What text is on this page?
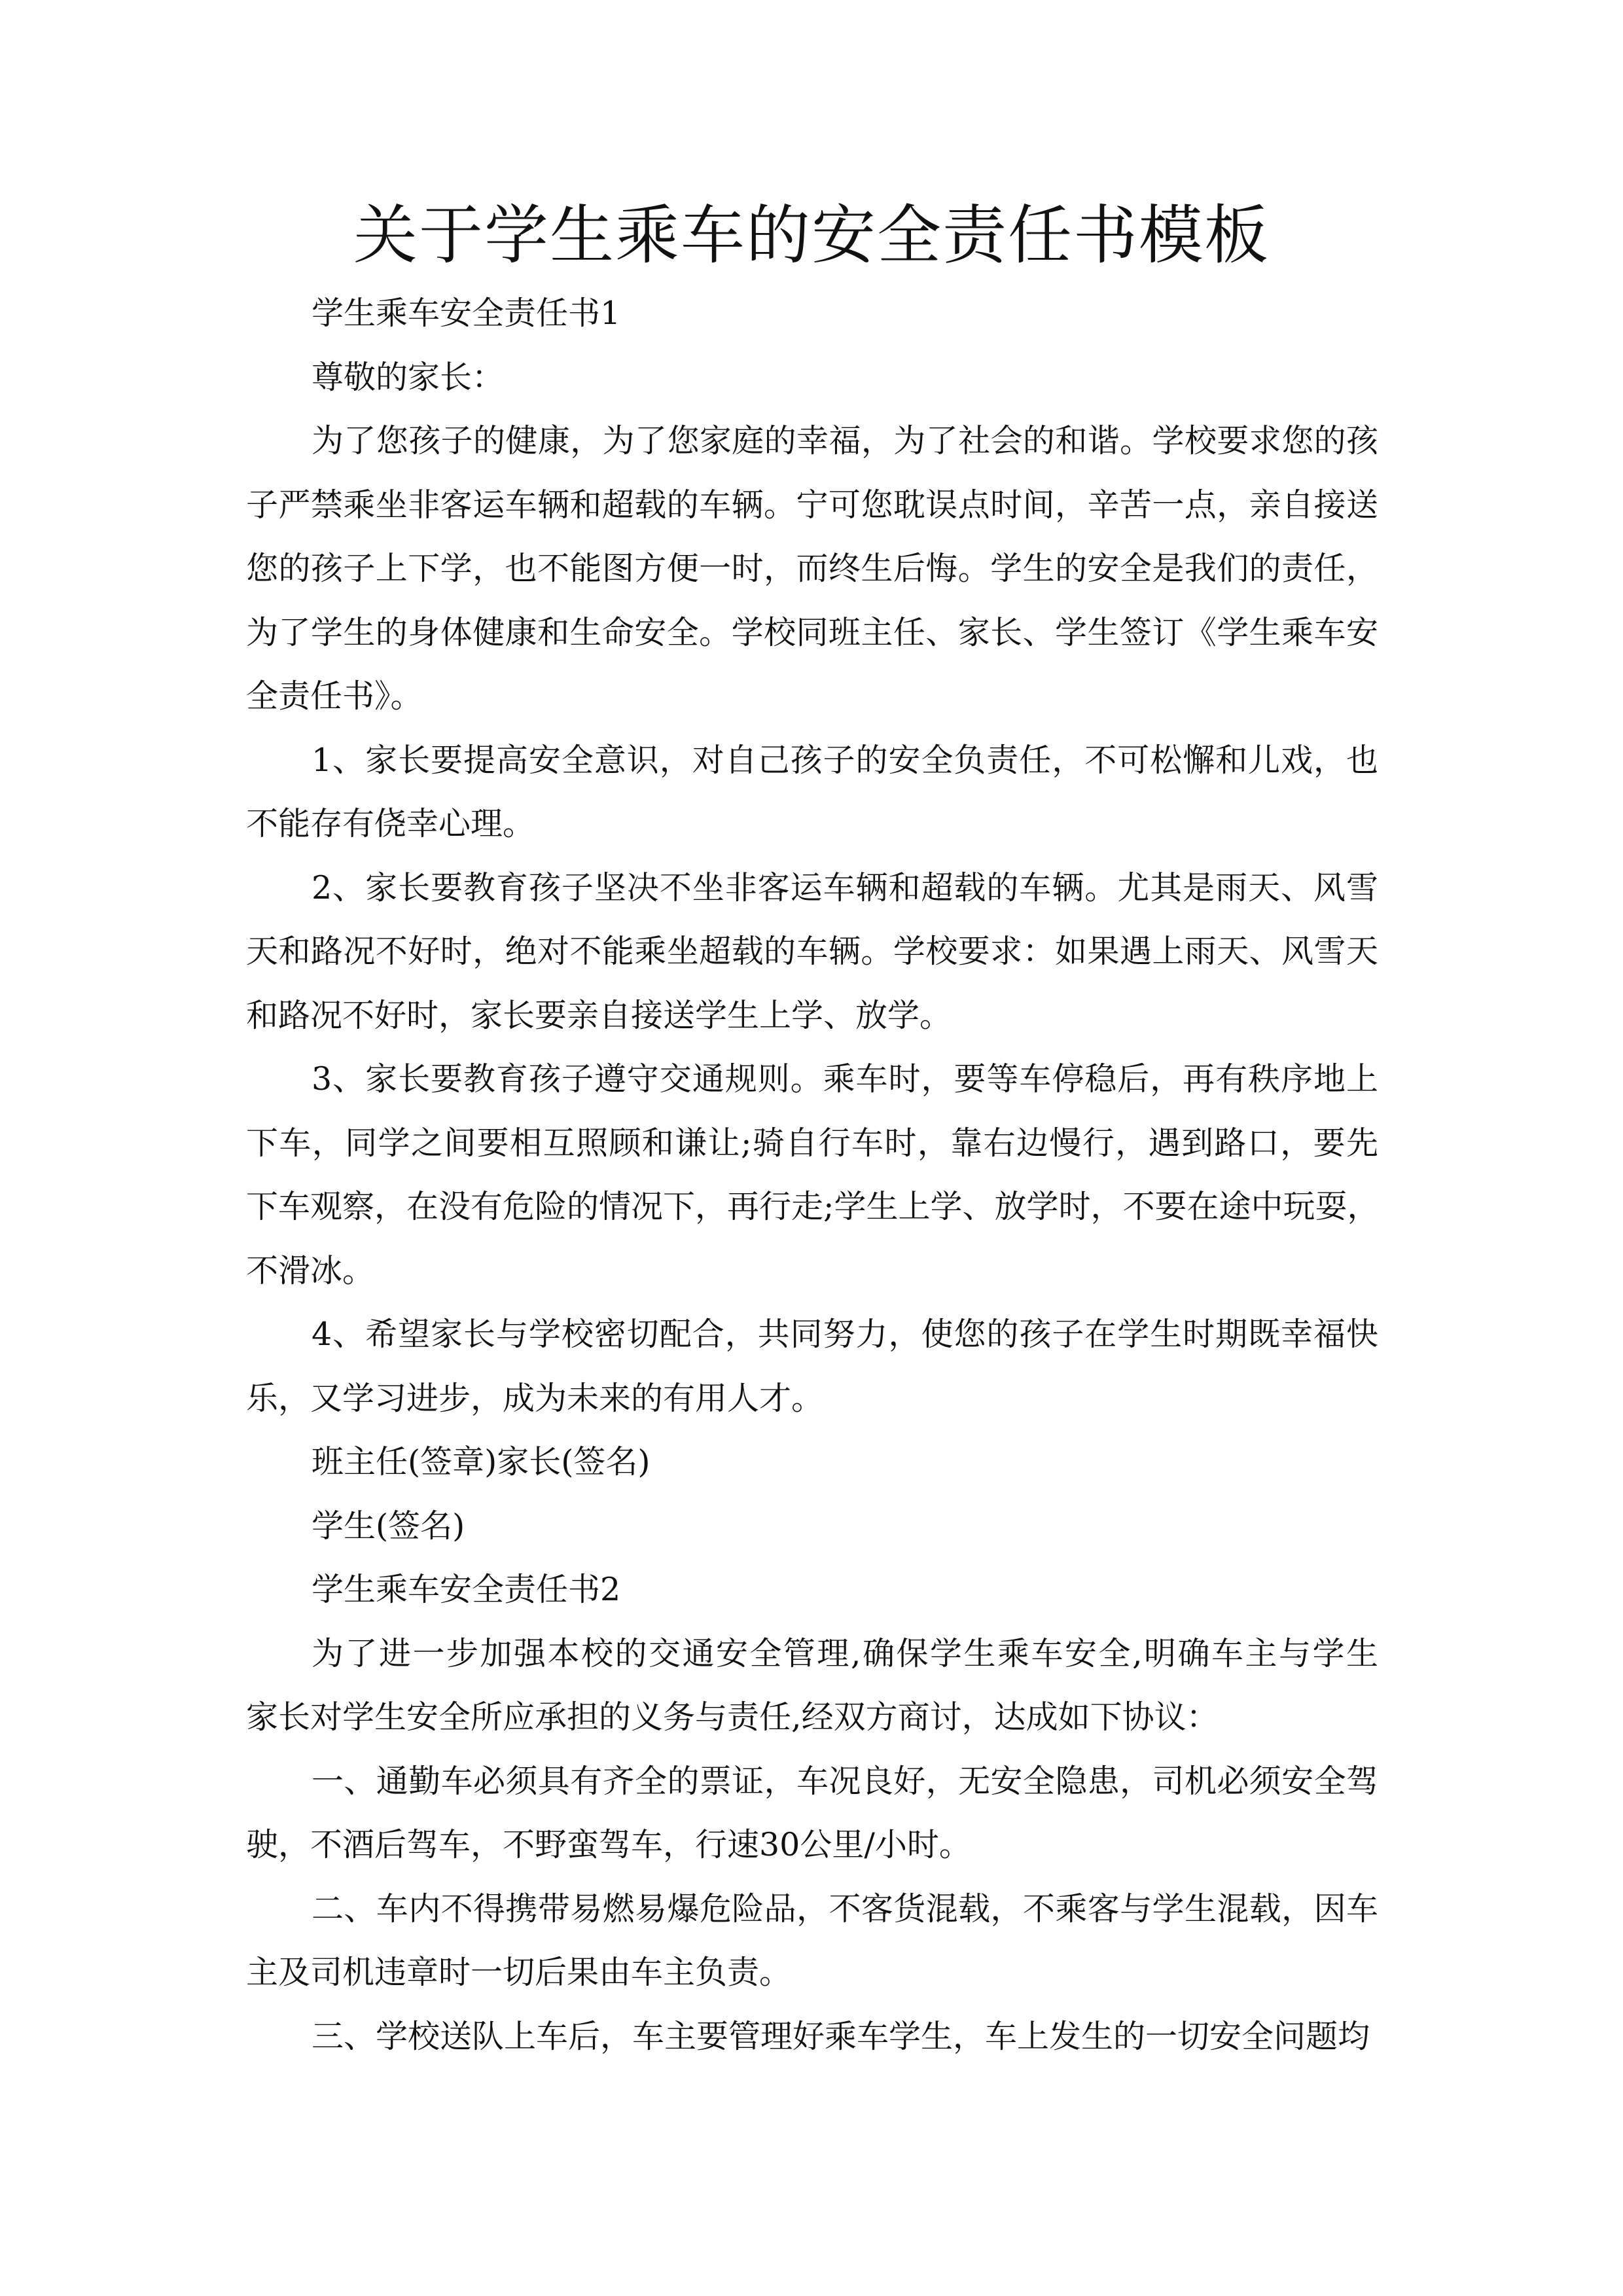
关于学生乘车的安全责任书模板
学生乘车安全责任书1
尊敬的家长：
为了您孩子的健康，为了您家庭的幸福，为了社会的和谐。学校要求您的孩
子严禁乘坐非客运车辆和超载的车辆。宁可您耽误点时间，辛苦一点，亲自接送
您的孩子上下学，也不能图方便一时，而终生后悔。学生的安全是我们的责任，
为了学生的身体健康和生命安全。学校同班主任、家长、学生签订《学生乘车安
全责任书》。
1、家长要提高安全意识，对自己孩子的安全负责任，不可松懈和儿戏，也
不能存有侥幸心理。
2、家长要教育孩子坚决不坐非客运车辆和超载的车辆。尤其是雨天、风雪
天和路况不好时，绝对不能乘坐超载的车辆。学校要求：如果遇上雨天、风雪天
和路况不好时，家长要亲自接送学生上学、放学。
3、家长要教育孩子遵守交通规则。乘车时，要等车停稳后，再有秩序地上
下车，同学之间要相互照顾和谦让;骑自行车时，靠右边慢行，遇到路口，要先
下车观察，在没有危险的情况下，再行走;学生上学、放学时，不要在途中玩耍，
不滑冰。
4、希望家长与学校密切配合，共同努力，使您的孩子在学生时期既幸福快
乐，又学习进步，成为未来的有用人才。
班主任(签章)家长(签名)
学生(签名)
学生乘车安全责任书2
为了进一步加强本校的交通安全管理,确保学生乘车安全,明确车主与学生
家长对学生安全所应承担的义务与责任,经双方商讨，达成如下协议：
一、通勤车必须具有齐全的票证，车况良好，无安全隐患，司机必须安全驾
驶，不酒后驾车，不野蛮驾车，行速30公里/小时。
二、车内不得携带易燃易爆危险品，不客货混载，不乘客与学生混载，因车
主及司机违章时一切后果由车主负责。
三、学校送队上车后，车主要管理好乘车学生，车上发生的一切安全问题均
